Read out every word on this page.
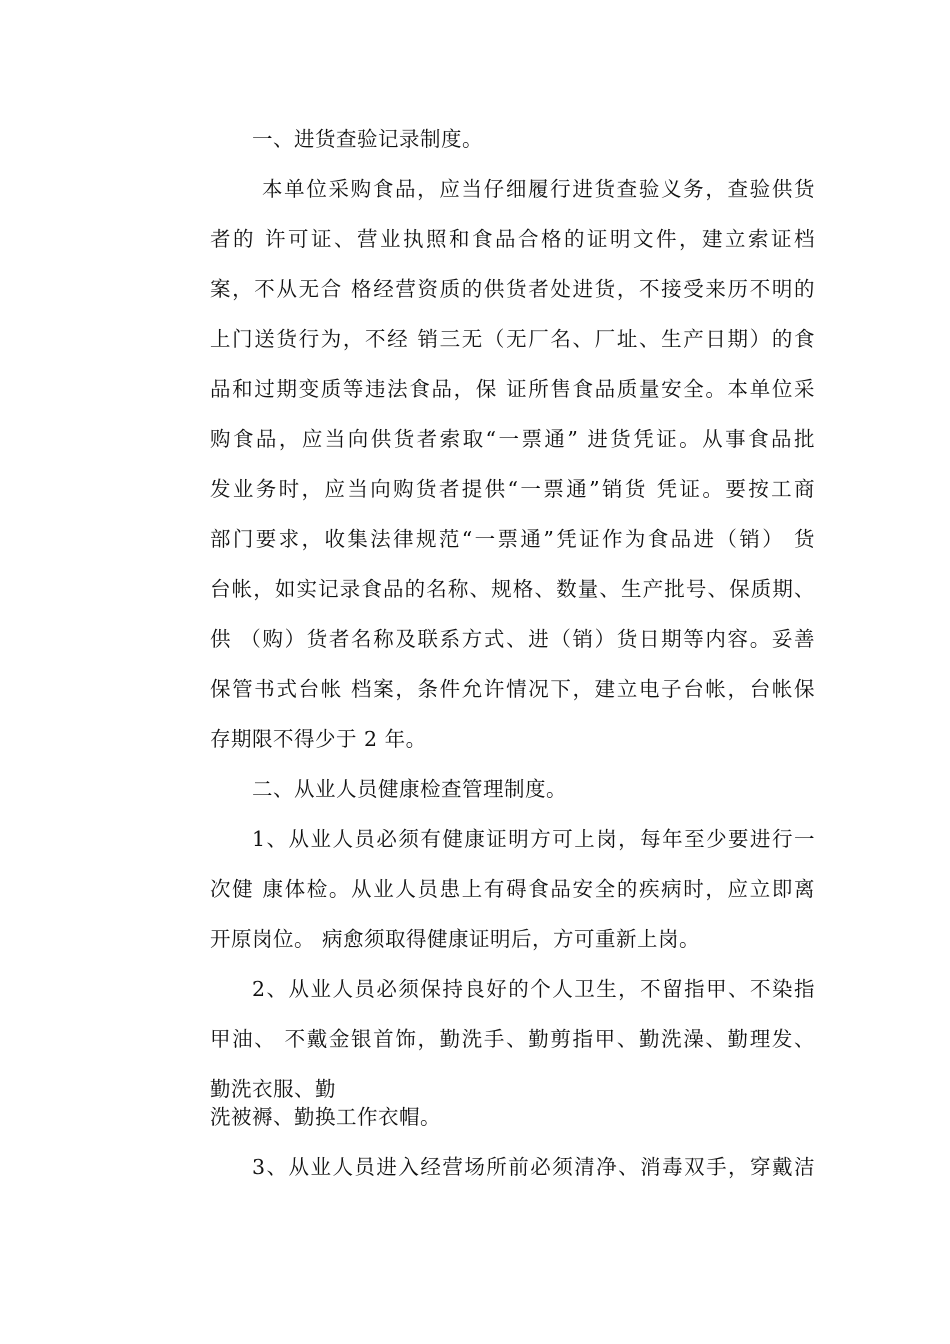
一、进货查验记录制度。
本单位采购食品，应当仔细履行进货查验义务，查验供货
者的 许可证、营业执照和食品合格的证明文件，建立索证档
案，不从无合 格经营资质的供货者处进货，不接受来历不明的
上门送货行为，不经 销三无（无厂名、厂址、生产日期）的食
品和过期变质等违法食品，保 证所售食品质量安全。本单位采
购食品，应当向供货者索取“一票通” 进货凭证。从事食品批
发业务时，应当向购货者提供“一票通”销货 凭证。要按工商
部门要求，收集法律规范“一票通”凭证作为食品进（销） 货
台帐，如实记录食品的名称、规格、数量、生产批号、保质期、
供 （购）货者名称及联系方式、进（销）货日期等内容。妥善
保管书式台帐 档案，条件允许情况下，建立电子台帐，台帐保
存期限不得少于 2 年。
二、从业人员健康检查管理制度。
1、从业人员必须有健康证明方可上岗，每年至少要进行一
次健 康体检。从业人员患上有碍食品安全的疾病时，应立即离
开原岗位。 病愈须取得健康证明后，方可重新上岗。
2、从业人员必须保持良好的个人卫生，不留指甲、不染指
甲油、 不戴金银首饰，勤洗手、勤剪指甲、勤洗澡、勤理发、
勤洗衣服、勤
洗被褥、勤换工作衣帽。
3、从业人员进入经营场所前必须清净、消毒双手，穿戴洁
